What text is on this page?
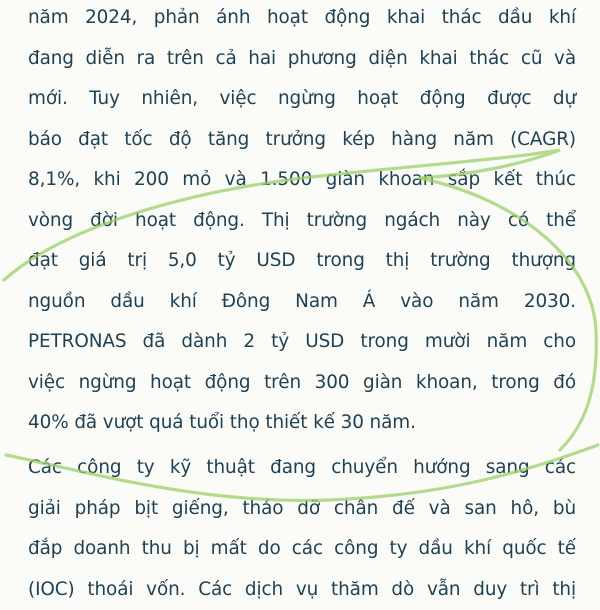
năm 2024, phản ánh hoạt động khai thác dầu khí
đang diễn ra trên cả hai phương diện khai thác cũ và
mới. Tuy nhiên, việc ngừng hoạt động được dự
báo đạt tốc độ tăng trưởng kép hàng năm (CAGR)
8,1%, khi 200 mỏ và 1.500 giàn khoan sắp kết thúc
vòng đời hoạt động. Thị trường ngách này có thể
đạt giá trị 5,0 tỷ USD trong thị trường thượng
nguồn dầu khí Đông Nam Á vào năm 2030.
PETRONAS đã dành 2 tỷ USD trong mười năm cho
việc ngừng hoạt động trên 300 giàn khoan, trong đó
40% đã vượt quá tuổi thọ thiết kế 30 năm.
Các công ty kỹ thuật đang chuyển hướng sang các
giải pháp bịt giếng, tháo dỡ chân đế và san hô, bù
đắp doanh thu bị mất do các công ty dầu khí quốc tế
(IOC) thoái vốn. Các dịch vụ thăm dò vẫn duy trì thị
